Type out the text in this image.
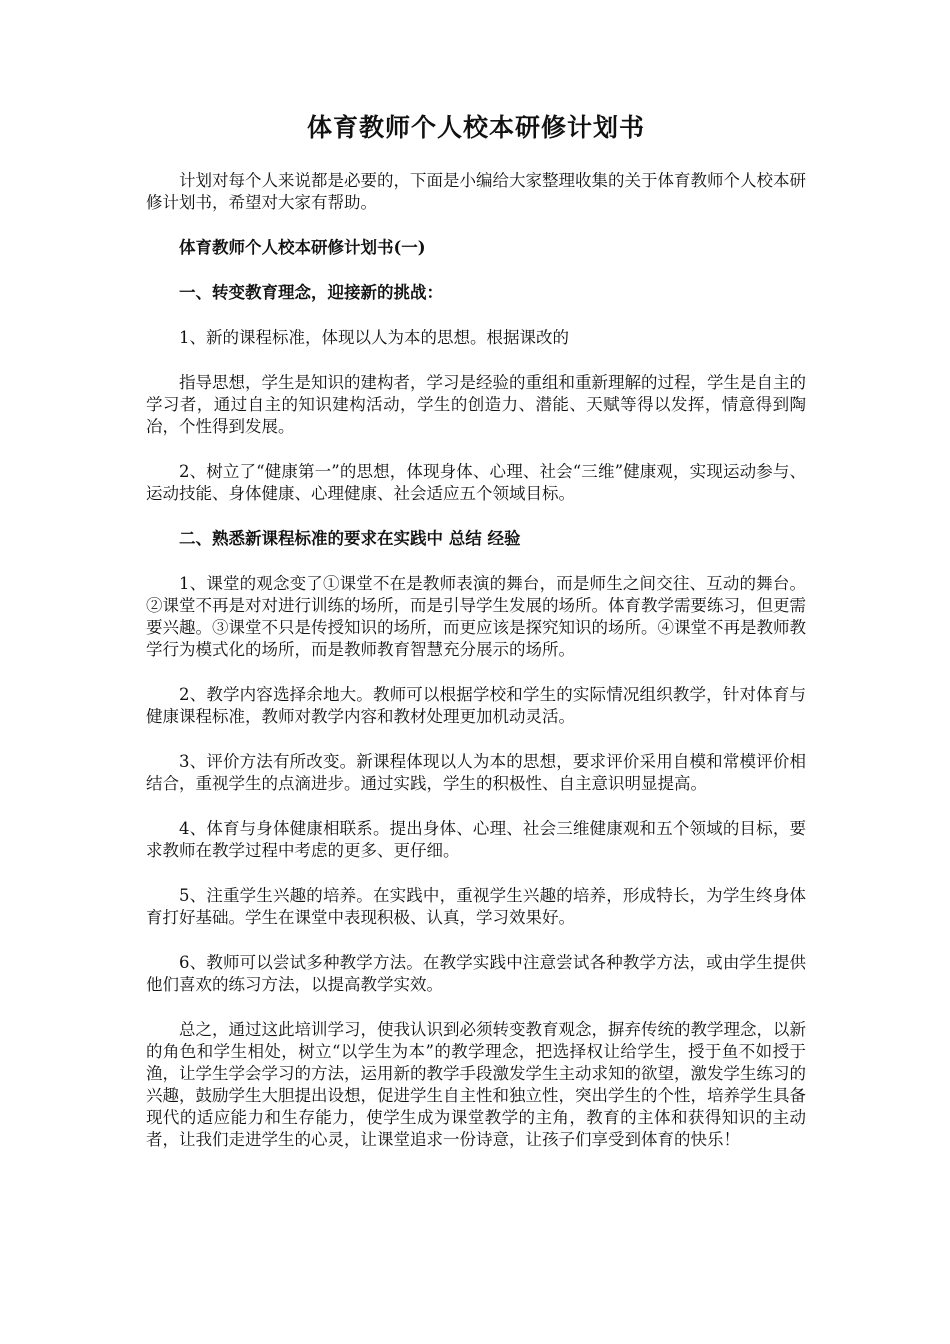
体育教师个人校本研修计划书

计划对每个人来说都是必要的，下面是小编给大家整理收集的关于体育教师个人校本研修计划书，希望对大家有帮助。

体育教师个人校本研修计划书(一)

一、转变教育理念，迎接新的挑战：

1、新的课程标准，体现以人为本的思想。根据课改的

指导思想，学生是知识的建构者，学习是经验的重组和重新理解的过程，学生是自主的学习者，通过自主的知识建构活动，学生的创造力、潜能、天赋等得以发挥，情意得到陶冶，个性得到发展。

2、树立了“健康第一”的思想，体现身体、心理、社会“三维”健康观，实现运动参与、运动技能、身体健康、心理健康、社会适应五个领域目标。

二、熟悉新课程标准的要求在实践中 总结 经验

1、课堂的观念变了①课堂不在是教师表演的舞台，而是师生之间交往、互动的舞台。②课堂不再是对对进行训练的场所，而是引导学生发展的场所。体育教学需要练习，但更需要兴趣。③课堂不只是传授知识的场所，而更应该是探究知识的场所。④课堂不再是教师教学行为模式化的场所，而是教师教育智慧充分展示的场所。

2、教学内容选择余地大。教师可以根据学校和学生的实际情况组织教学，针对体育与健康课程标准，教师对教学内容和教材处理更加机动灵活。

3、评价方法有所改变。新课程体现以人为本的思想，要求评价采用自模和常模评价相结合，重视学生的点滴进步。通过实践，学生的积极性、自主意识明显提高。

4、体育与身体健康相联系。提出身体、心理、社会三维健康观和五个领域的目标，要求教师在教学过程中考虑的更多、更仔细。

5、注重学生兴趣的培养。在实践中，重视学生兴趣的培养，形成特长，为学生终身体育打好基础。学生在课堂中表现积极、认真，学习效果好。

6、教师可以尝试多种教学方法。在教学实践中注意尝试各种教学方法，或由学生提供他们喜欢的练习方法，以提高教学实效。

总之，通过这此培训学习，使我认识到必须转变教育观念，摒弃传统的教学理念，以新的角色和学生相处，树立“以学生为本”的教学理念，把选择权让给学生，授于鱼不如授于渔，让学生学会学习的方法，运用新的教学手段激发学生主动求知的欲望，激发学生练习的兴趣，鼓励学生大胆提出设想，促进学生自主性和独立性，突出学生的个性，培养学生具备现代的适应能力和生存能力，使学生成为课堂教学的主角，教育的主体和获得知识的主动者，让我们走进学生的心灵，让课堂追求一份诗意，让孩子们享受到体育的快乐！
